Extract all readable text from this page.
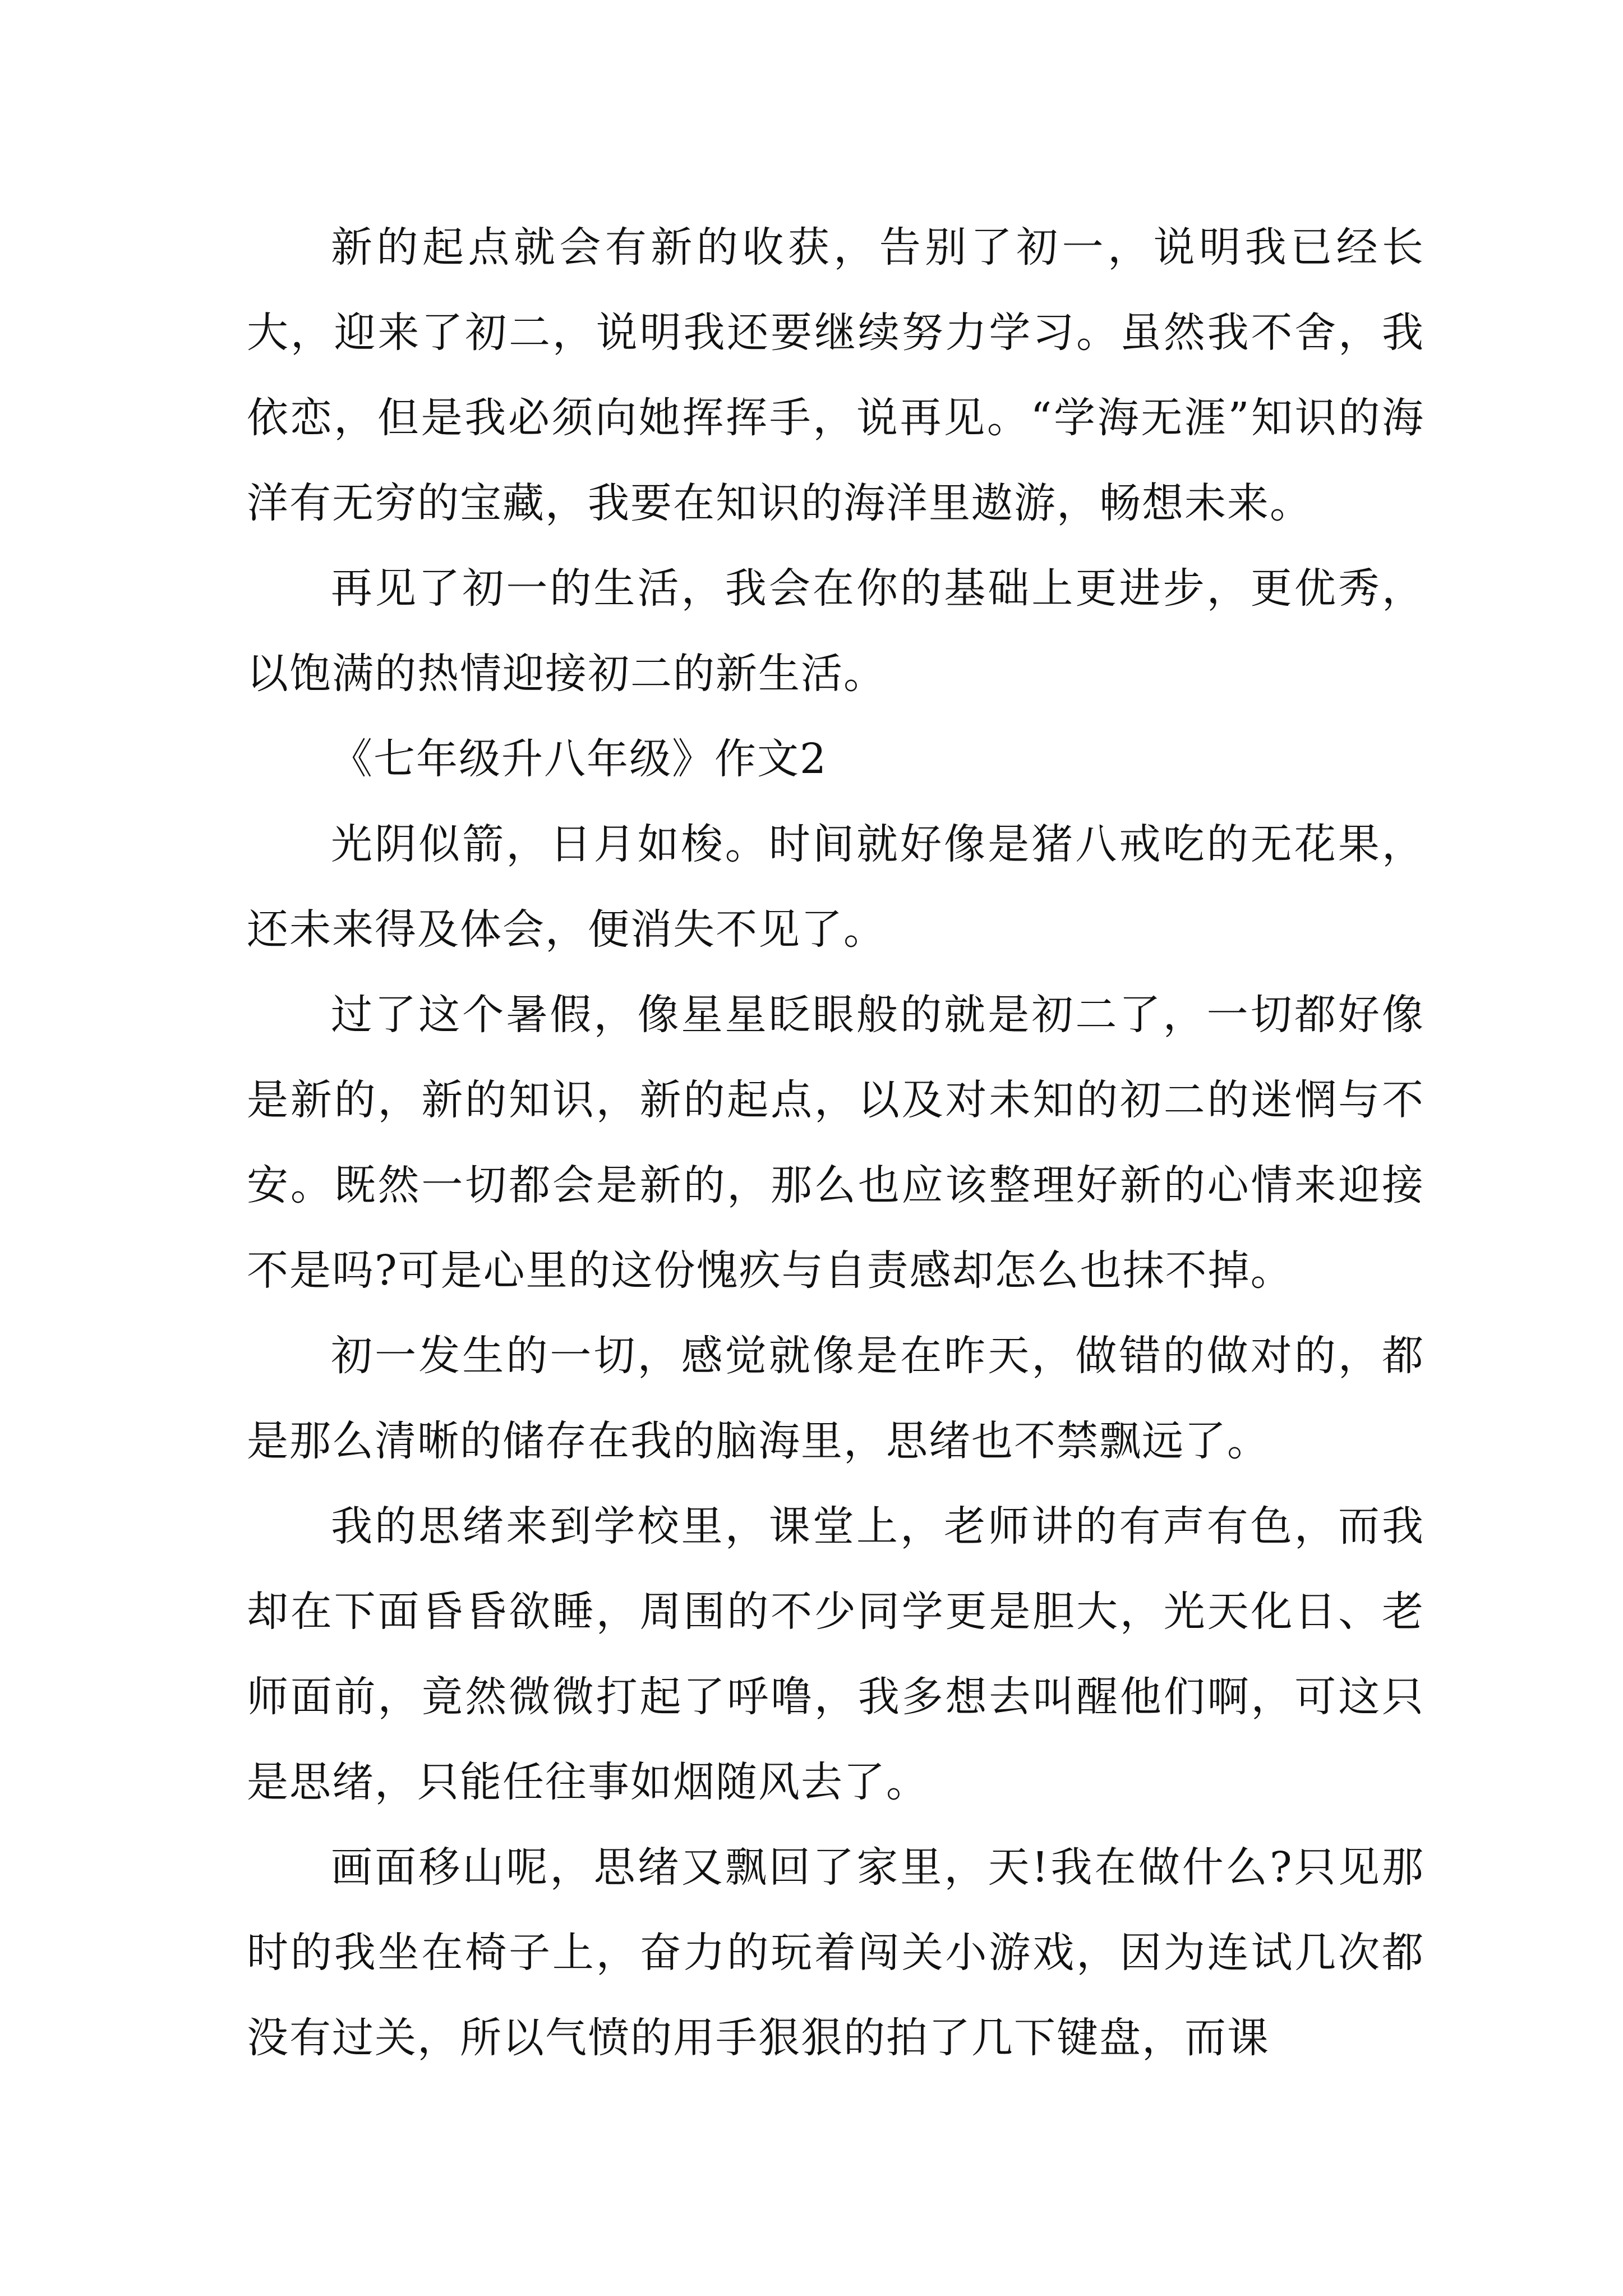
新的起点就会有新的收获，告别了初一，说明我已经长大，迎来了初二，说明我还要继续努力学习。虽然我不舍，我依恋，但是我必须向她挥挥手，说再见。“学海无涯”知识的海洋有无穷的宝藏，我要在知识的海洋里遨游，畅想未来。

再见了初一的生活，我会在你的基础上更进步，更优秀，以饱满的热情迎接初二的新生活。

《七年级升八年级》作文2

光阴似箭，日月如梭。时间就好像是猪八戒吃的无花果，还未来得及体会，便消失不见了。

过了这个暑假，像星星眨眼般的就是初二了，一切都好像是新的，新的知识，新的起点，以及对未知的初二的迷惘与不安。既然一切都会是新的，那么也应该整理好新的心情来迎接不是吗?可是心里的这份愧疚与自责感却怎么也抹不掉。

初一发生的一切，感觉就像是在昨天，做错的做对的，都是那么清晰的储存在我的脑海里，思绪也不禁飘远了。

我的思绪来到学校里，课堂上，老师讲的有声有色，而我却在下面昏昏欲睡，周围的不少同学更是胆大，光天化日、老师面前，竟然微微打起了呼噜，我多想去叫醒他们啊，可这只是思绪，只能任往事如烟随风去了。

画面移山呢，思绪又飘回了家里，天!我在做什么?只见那时的我坐在椅子上，奋力的玩着闯关小游戏，因为连试几次都没有过关，所以气愤的用手狠狠的拍了几下键盘，而课
